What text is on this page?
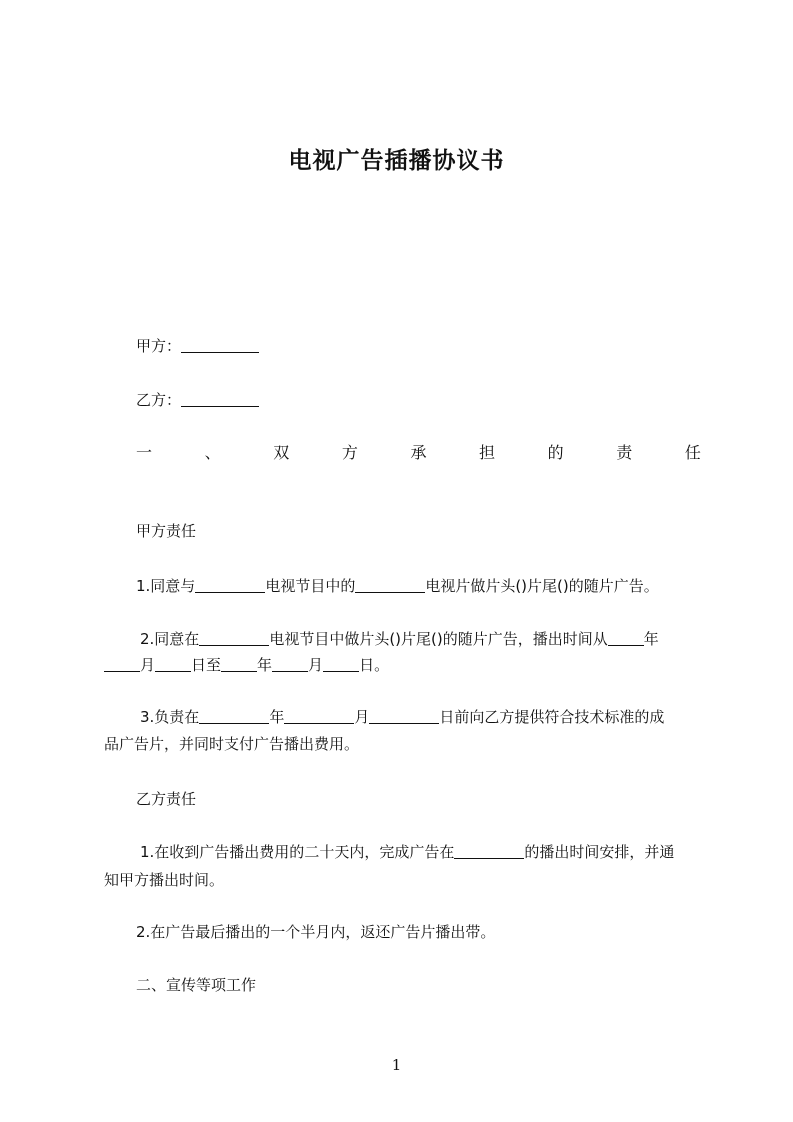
电视广告插播协议书
甲方：
乙方：
一	、	双	方	承	担	的	责	任
甲方责任
1.同意与	电视节目中的	电视片做片头()片尾()的随片广告。
2.同意在	电视节目中做片头()片尾()的随片广告，播出时间从 年
月 日至 年 月 日。
3.负责在	年	月	日前向乙方提供符合技术标准的成
品广告片，并同时支付广告播出费用。
乙方责任
1.在收到广告播出费用的二十天内，完成广告在	的播出时间安排，并通
知甲方播出时间。
2.在广告最后播出的一个半月内，返还广告片播出带。
二、宣传等项工作
1
